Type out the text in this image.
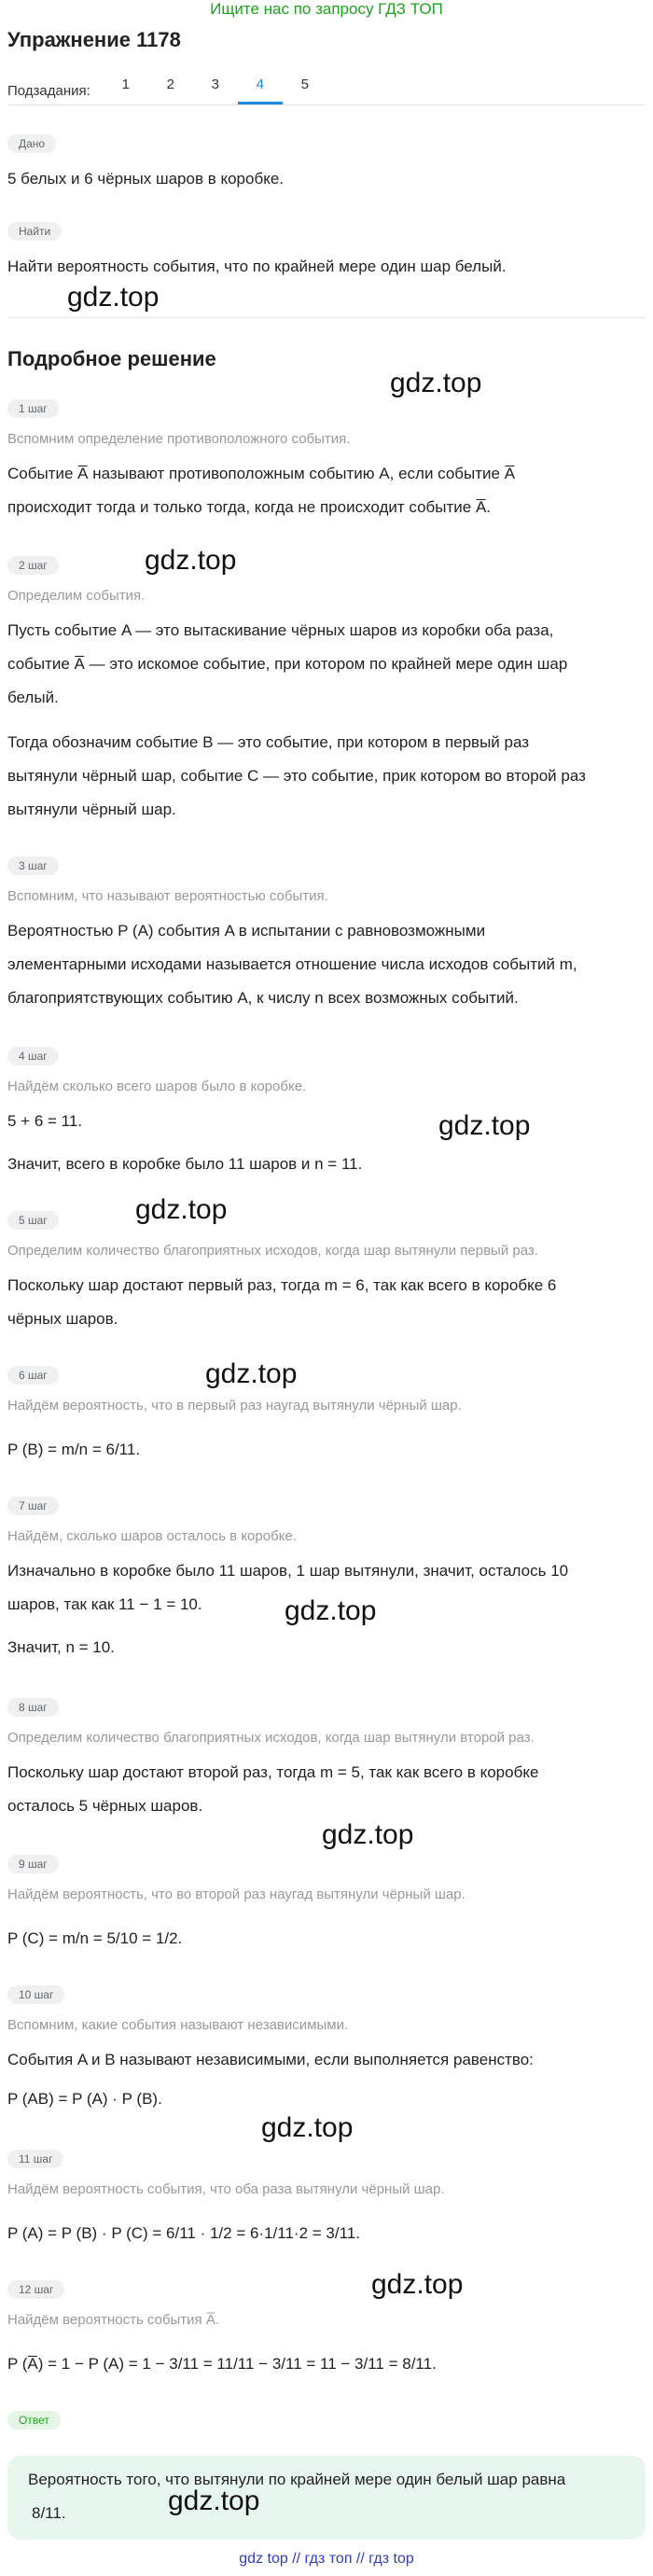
Ищите нас по запросу ГДЗ ТОП
Упражнение 1178
Подзадания:	1	2	3	4	5
Дано
5 белых и 6 чёрных шаров в коробке.
Найти
Найти вероятность события, что по крайней мере один шар белый.
gdz.top
Подробное решение
gdz.top
1 шаг
Вспомним определение противоположного события.
Событие A̅ называют противоположным событию A, если событие A̅
происходит тогда и только тогда, когда не происходит событие A̅.
gdz.top
2 шаг
Определим события.
Пусть событие A — это вытаскивание чёрных шаров из коробки оба раза,
событие A̅ — это искомое событие, при котором по крайней мере один шар
белый.
Тогда обозначим событие B — это событие, при котором в первый раз
вытянули чёрный шар, событие C — это событие, прик котором во второй раз
вытянули чёрный шар.
3 шаг
Вспомним, что называют вероятностью события.
Вероятностью P (A) события A в испытании с равновозможными
элементарными исходами называется отношение числа исходов событий m,
благоприятствующих событию A, к числу n всех возможных событий.
4 шаг
Найдём сколько всего шаров было в коробке.
5 + 6 = 11.	gdz.top
Значит, всего в коробке было 11 шаров и n = 11.
gdz.top
5 шаг
Определим количество благоприятных исходов, когда шар вытянули первый раз.
Поскольку шар достают первый раз, тогда m = 6, так как всего в коробке 6
чёрных шаров.
gdz.top
6 шаг
Найдём вероятность, что в первый раз наугад вытянули чёрный шар.
P (B) = m/n = 6/11.
7 шаг
Найдём, сколько шаров осталось в коробке.
Изначально в коробке было 11 шаров, 1 шар вытянули, значит, осталось 10
шаров, так как 11 − 1 = 10.	gdz.top
Значит, n = 10.
8 шаг
Определим количество благоприятных исходов, когда шар вытянули второй раз.
Поскольку шар достают второй раз, тогда m = 5, так как всего в коробке
осталось 5 чёрных шаров.
gdz.top
9 шаг
Найдём вероятность, что во второй раз наугад вытянули чёрный шар.
P (C) = m/n = 5/10 = 1/2.
10 шаг
Вспомним, какие события называют независимыми.
События A и B называют независимыми, если выполняется равенство:
P (AB) = P (A) · P (B).
gdz.top
11 шаг
Найдём вероятность события, что оба раза вытянули чёрный шар.
P (A) = P (B) · P (C) = 6/11 · 1/2 = 6·1/11·2 = 3/11.
gdz.top
12 шаг
Найдём вероятность события A̅.
P (A̅) = 1 − P (A) = 1 − 3/11 = 11/11 − 3/11 = 11 − 3/11 = 8/11.
Ответ
Вероятность того, что вытянули по крайней мере один белый шар равна
8/11.	gdz.top
gdz top // гдз топ // гдз top
